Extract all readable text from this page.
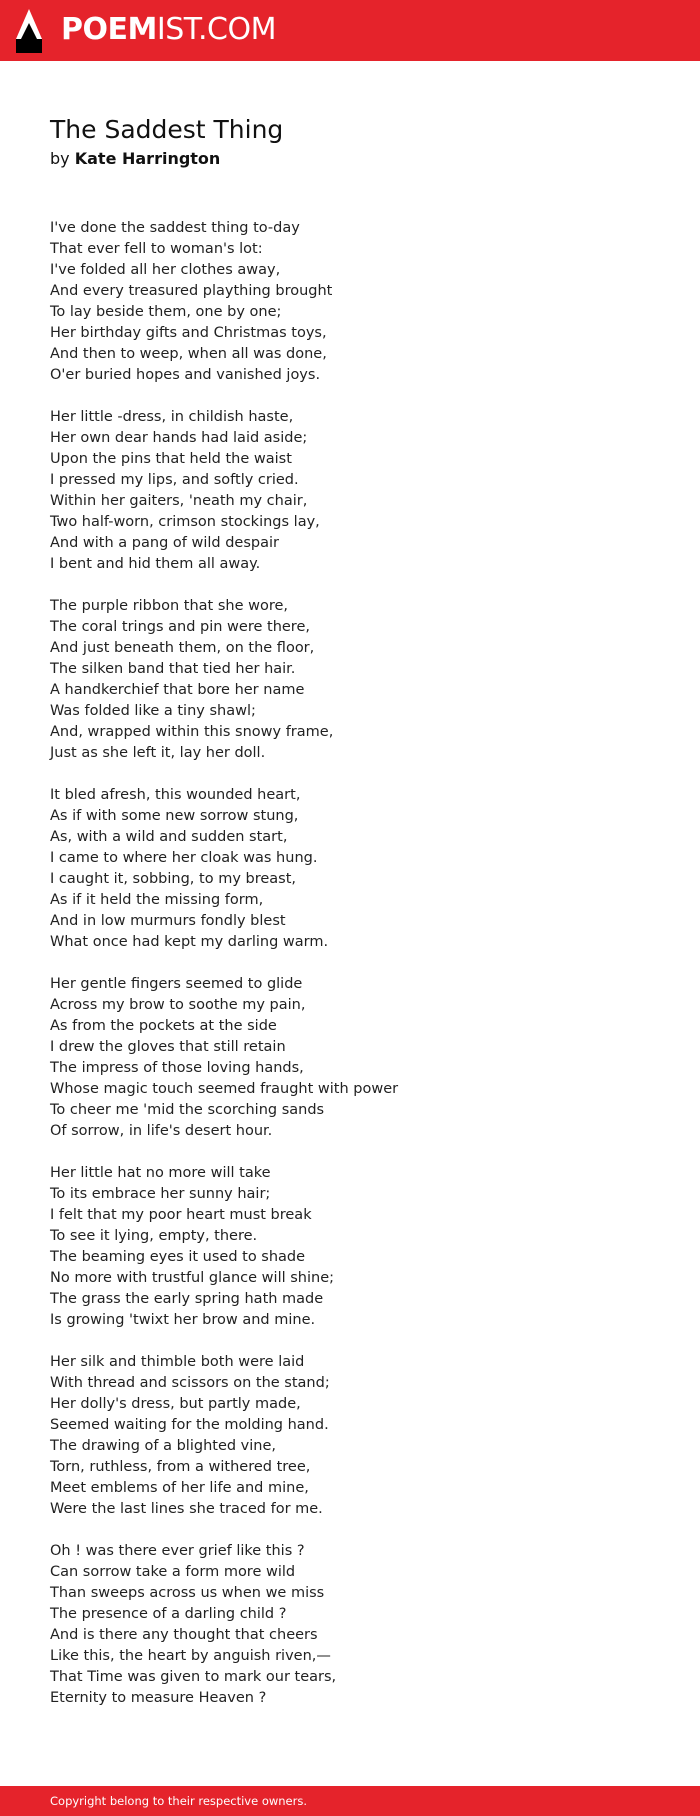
POEMIST.COM
The Saddest Thing
by Kate Harrington
I've done the saddest thing to-day
That ever fell to woman's lot:
I've folded all her clothes away,
And every treasured plaything brought
To lay beside them, one by one;
Her birthday gifts and Christmas toys,
And then to weep, when all was done,
O'er buried hopes and vanished joys.
Her little -dress, in childish haste,
Her own dear hands had laid aside;
Upon the pins that held the waist
I pressed my lips, and softly cried.
Within her gaiters, 'neath my chair,
Two half-worn, crimson stockings lay,
And with a pang of wild despair
I bent and hid them all away.
The purple ribbon that she wore,
The coral trings and pin were there,
And just beneath them, on the floor,
The silken band that tied her hair.
A handkerchief that bore her name
Was folded like a tiny shawl;
And, wrapped within this snowy frame,
Just as she left it, lay her doll.
It bled afresh, this wounded heart,
As if with some new sorrow stung,
As, with a wild and sudden start,
I came to where her cloak was hung.
I caught it, sobbing, to my breast,
As if it held the missing form,
And in low murmurs fondly blest
What once had kept my darling warm.
Her gentle fingers seemed to glide
Across my brow to soothe my pain,
As from the pockets at the side
I drew the gloves that still retain
The impress of those loving hands,
Whose magic touch seemed fraught with power
To cheer me 'mid the scorching sands
Of sorrow, in life's desert hour.
Her little hat no more will take
To its embrace her sunny hair;
I felt that my poor heart must break
To see it lying, empty, there.
The beaming eyes it used to shade
No more with trustful glance will shine;
The grass the early spring hath made
Is growing 'twixt her brow and mine.
Her silk and thimble both were laid
With thread and scissors on the stand;
Her dolly's dress, but partly made,
Seemed waiting for the molding hand.
The drawing of a blighted vine,
Torn, ruthless, from a withered tree,
Meet emblems of her life and mine,
Were the last lines she traced for me.
Oh ! was there ever grief like this ?
Can sorrow take a form more wild
Than sweeps across us when we miss
The presence of a darling child ?
And is there any thought that cheers
Like this, the heart by anguish riven,—
That Time was given to mark our tears,
Eternity to measure Heaven ?
Copyright belong to their respective owners.
